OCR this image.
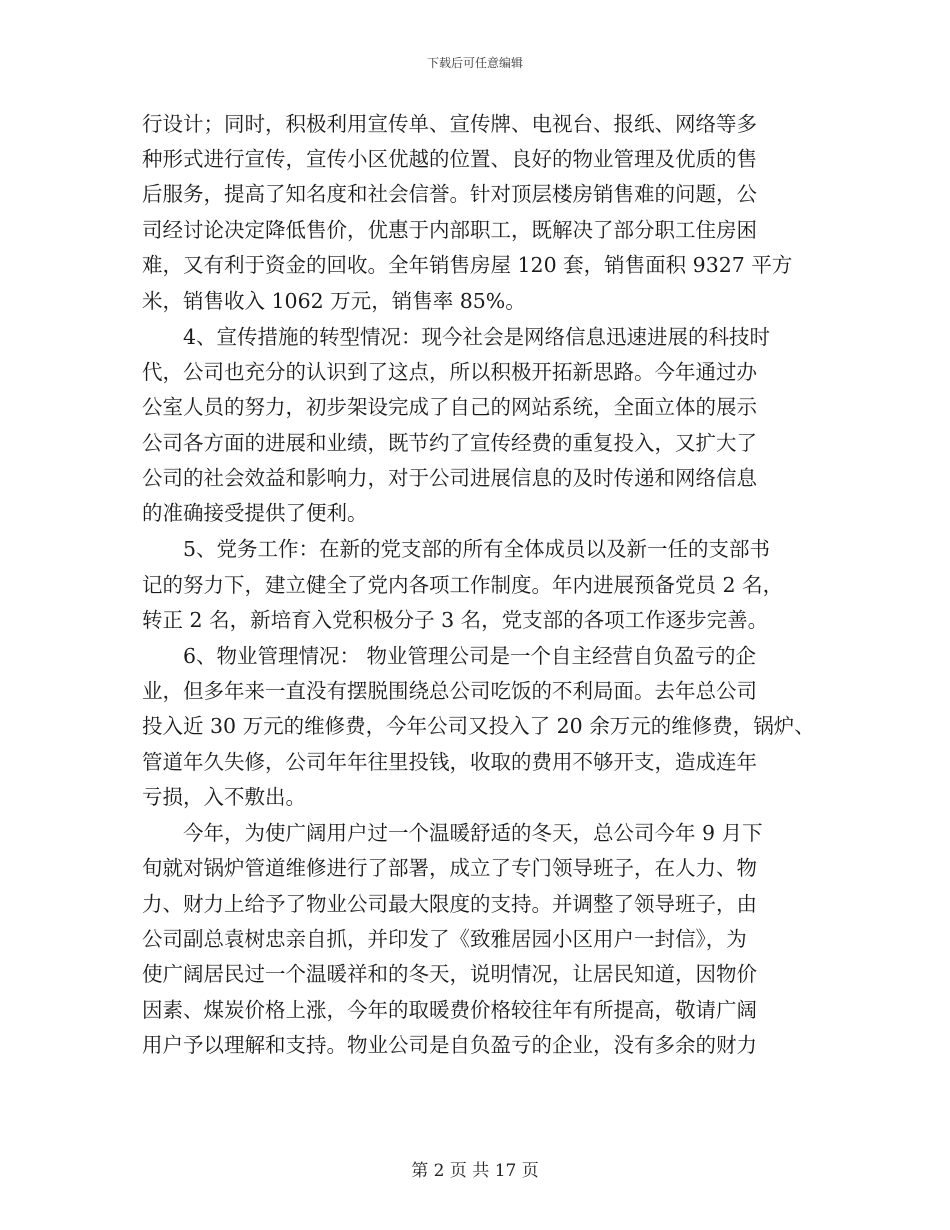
下载后可任意编辑
行设计；同时，积极利用宣传单、宣传牌、电视台、报纸、网络等多
种形式进行宣传，宣传小区优越的位置、良好的物业管理及优质的售
后服务，提高了知名度和社会信誉。针对顶层楼房销售难的问题，公
司经讨论决定降低售价，优惠于内部职工，既解决了部分职工住房困
难，又有利于资金的回收。全年销售房屋 120 套，销售面积 9327 平方
米，销售收入 1062 万元，销售率 85%。
　　4、宣传措施的转型情况：现今社会是网络信息迅速进展的科技时
代，公司也充分的认识到了这点，所以积极开拓新思路。今年通过办
公室人员的努力，初步架设完成了自己的网站系统，全面立体的展示
公司各方面的进展和业绩，既节约了宣传经费的重复投入，又扩大了
公司的社会效益和影响力，对于公司进展信息的及时传递和网络信息
的准确接受提供了便利。
　　5、党务工作：在新的党支部的所有全体成员以及新一任的支部书
记的努力下，建立健全了党内各项工作制度。年内进展预备党员 2 名，
转正 2 名，新培育入党积极分子 3 名，党支部的各项工作逐步完善。
　　6、物业管理情况： 物业管理公司是一个自主经营自负盈亏的企
业，但多年来一直没有摆脱围绕总公司吃饭的不利局面。去年总公司
投入近 30 万元的维修费，今年公司又投入了 20 余万元的维修费，锅炉、
管道年久失修，公司年年往里投钱，收取的费用不够开支，造成连年
亏损，入不敷出。
　　今年，为使广阔用户过一个温暖舒适的冬天，总公司今年 9 月下
旬就对锅炉管道维修进行了部署，成立了专门领导班子，在人力、物
力、财力上给予了物业公司最大限度的支持。并调整了领导班子，由
公司副总袁树忠亲自抓，并印发了《致雅居园小区用户一封信》，为
使广阔居民过一个温暖祥和的冬天，说明情况，让居民知道，因物价
因素、煤炭价格上涨，今年的取暖费价格较往年有所提高，敬请广阔
用户予以理解和支持。物业公司是自负盈亏的企业，没有多余的财力
第 2 页 共 17 页
